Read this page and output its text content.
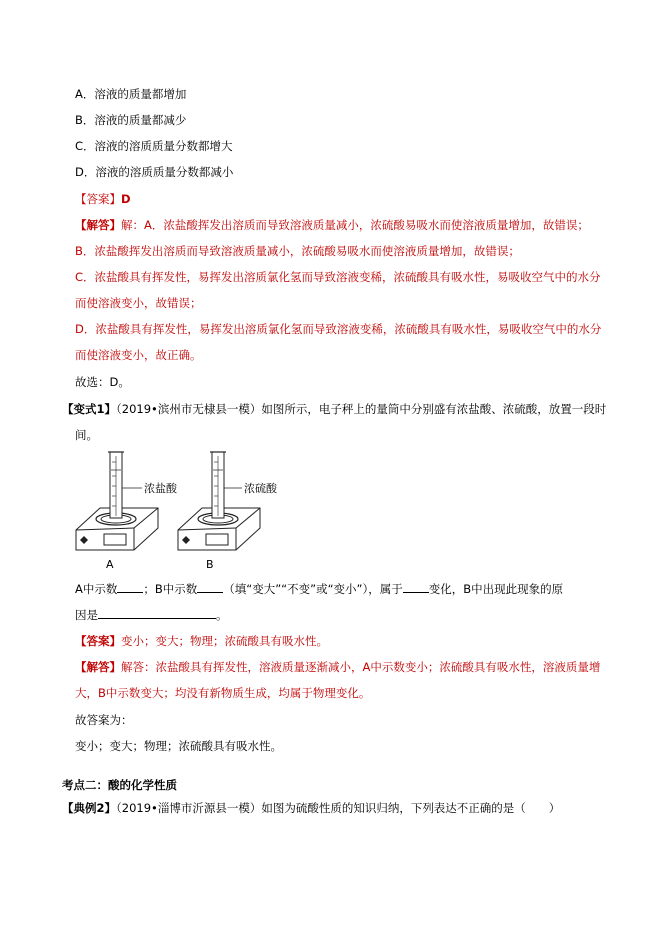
A．溶液的质量都增加
B．溶液的质量都减少
C．溶液的溶质质量分数都增大
D．溶液的溶质质量分数都减小
【答案】D
【解答】解：A．浓盐酸挥发出溶质而导致溶液质量减小，浓硫酸易吸水而使溶液质量增加，故错误；
B．浓盐酸挥发出溶质而导致溶液质量减小，浓硫酸易吸水而使溶液质量增加，故错误；
C．浓盐酸具有挥发性，易挥发出溶质氯化氢而导致溶液变稀，浓硫酸具有吸水性，易吸收空气中的水分
而使溶液变小，故错误；
D．浓盐酸具有挥发性，易挥发出溶质氯化氢而导致溶液变稀，浓硫酸具有吸水性，易吸收空气中的水分
而使溶液变小，故正确。
故选：D。
【变式1】（2019•滨州市无棣县一模）如图所示，电子秤上的量筒中分别盛有浓盐酸、浓硫酸，放置一段时
间。
浓盐酸
A
浓硫酸
B
A中示数 ；B中示数 （填“变大”“不变”或“变小”），属于 变化，B中出现此现象的原
因是	。
【答案】变小；变大；物理；浓硫酸具有吸水性。
【解答】解答：浓盐酸具有挥发性，溶液质量逐渐减小，A中示数变小；浓硫酸具有吸水性，溶液质量增
大，B中示数变大；均没有新物质生成，均属于物理变化。
故答案为：
变小；变大；物理；浓硫酸具有吸水性。
考点二：酸的化学性质
【典例2】（2019•淄博市沂源县一模）如图为硫酸性质的知识归纳，下列表达不正确的是（　　）
